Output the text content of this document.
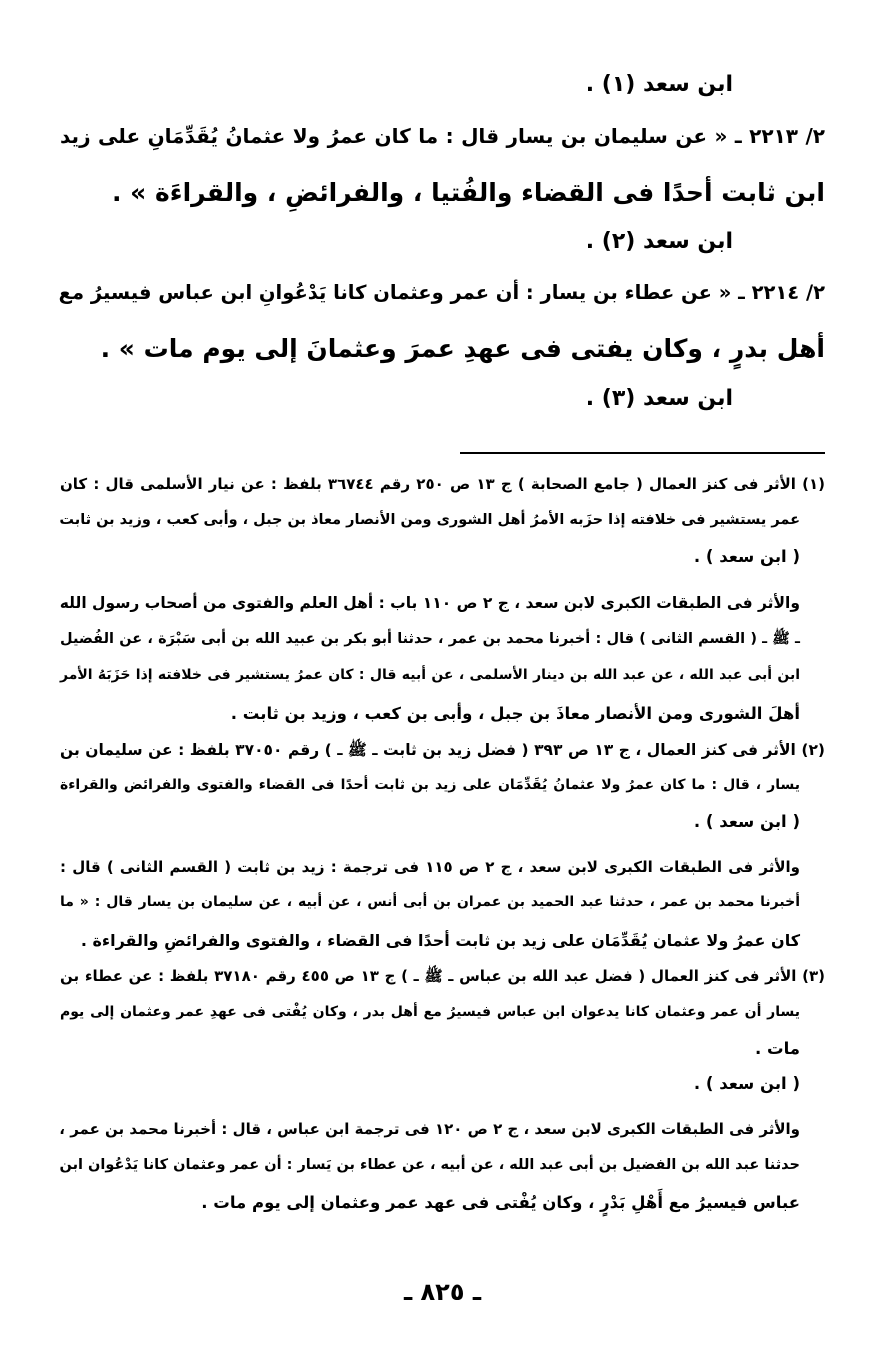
ابن سعد (١) .
٢/ ٢٢١٣ ـ « عن سليمان بن يسار قال : ما كان عمرُ ولا عثمانُ يُقَدِّمَانِ على زيد
ابن ثابت أحدًا فى القضاء والفُتيا ، والفرائضِ ، والقراءَة » .
ابن سعد (٢) .
٢/ ٢٢١٤ ـ « عن عطاء بن يسار : أن عمر وعثمان كانا يَدْعُوانِ ابن عباس فيسيرُ مع
أهل بدرٍ ، وكان يفتى فى عهدِ عمرَ وعثمانَ إلى يوم مات » .
ابن سعد (٣) .
(١) الأثر فى كنز العمال ( جامع الصحابة ) ج ١٣ ص ٢٥٠ رقم ٣٦٧٤٤ بلفظ : عن نيار الأسلمى قال : كان
عمر يستشير فى خلافته إذا حزَبه الأمرُ أهل الشورى ومن الأنصار معاذ بن جبل ، وأبى كعب ، وزيد بن ثابت
( ابن سعد ) .
والأثر فى الطبقات الكبرى لابن سعد ، ج ٢ ص ١١٠ باب : أهل العلم والفتوى من أصحاب رسول الله
ـ ﷺ ـ ( القسم الثانى ) قال : أخبرنا محمد بن عمر ، حدثنا أبو بكر بن عبيد الله بن أبى سَبْرَة ، عن الفُضيل
ابن أبى عبد الله ، عن عبد الله بن دينار الأسلمى ، عن أبيه قال : كان عمرُ يستشير فى خلافته إذا حَزَبَهُ الأمر
أهلَ الشورى ومن الأنصار معاذَ بن جبل ، وأبى بن كعب ، وزيد بن ثابت .
(٢) الأثر فى كنز العمال ، ج ١٣ ص ٣٩٣ ( فضل زيد بن ثابت ـ ﷺ ـ ) رقم ٣٧٠٥٠ بلفظ : عن سليمان بن
يسار ، قال : ما كان عمرُ ولا عثمانُ يُقَدِّمَان على زيد بن ثابت أحدًا فى القضاء والفتوى والفرائض والقراءة
( ابن سعد ) .
والأثر فى الطبقات الكبرى لابن سعد ، ج ٢ ص ١١٥ فى ترجمة : زيد بن ثابت ( القسم الثانى ) قال :
أخبرنا محمد بن عمر ، حدثنا عبد الحميد بن عمران بن أبى أنس ، عن أبيه ، عن سليمان بن يسار قال : « ما
كان عمرُ ولا عثمان يُقَدِّمَان على زيد بن ثابت أحدًا فى القضاء ، والفتوى والفرائضِ والقراءة .
(٣) الأثر فى كنز العمال ( فضل عبد الله بن عباس ـ ﷺ ـ ) ج ١٣ ص ٤٥٥ رقم ٣٧١٨٠ بلفظ : عن عطاء بن
يسار أن عمر وعثمان كانا يدعوان ابن عباس فيسيرُ مع أهل بدر ، وكان يُفْتى فى عهدِ عمر وعثمان إلى يوم
مات .
( ابن سعد ) .
والأثر فى الطبقات الكبرى لابن سعد ، ج ٢ ص ١٢٠ فى ترجمة ابن عباس ، قال : أخبرنا محمد بن عمر ،
حدثنا عبد الله بن الفضيل بن أبى عبد الله ، عن أبيه ، عن عطاء بن يَسار : أن عمر وعثمان كانا يَدْعُوان ابن
عباس فيسيرُ مع أَهْلِ بَدْرٍ ، وكان يُفْتى فى عهد عمر وعثمان إلى يوم مات .
ـ ٨٢٥ ـ
